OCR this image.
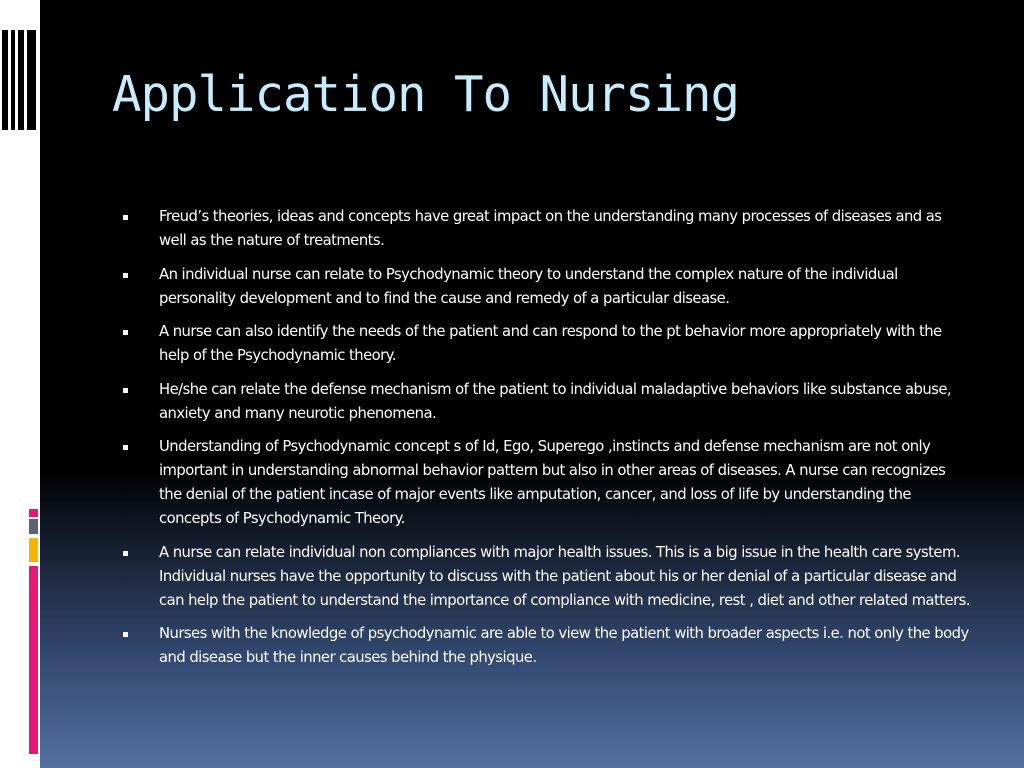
Application To Nursing
Freud’s theories, ideas and concepts have great impact on the understanding many processes of diseases and as well as the nature of treatments.
An individual nurse can relate to Psychodynamic theory to understand the complex nature of the individual personality development and to find the cause and remedy of a particular disease.
A nurse can also identify the needs of the patient and can respond to the pt behavior more appropriately with the help of the Psychodynamic theory.
He/she can relate the defense mechanism of the patient to individual maladaptive behaviors like substance abuse, anxiety and many neurotic phenomena.
Understanding of Psychodynamic concept s of Id, Ego, Superego ,instincts and defense mechanism are not only important in understanding abnormal behavior pattern but also in other areas of diseases. A nurse can recognizes the denial of the patient incase of major events like amputation, cancer, and loss of life by understanding the concepts of Psychodynamic Theory.
A nurse can relate individual non compliances with major health issues. This is a big issue in the health care system. Individual nurses have the opportunity to discuss with the patient about his or her denial of a particular disease and can help the patient to understand the importance of compliance with medicine, rest , diet and other related matters.
Nurses with the knowledge of psychodynamic are able to view the patient with broader aspects i.e. not only the body and disease but the inner causes behind the physique.
